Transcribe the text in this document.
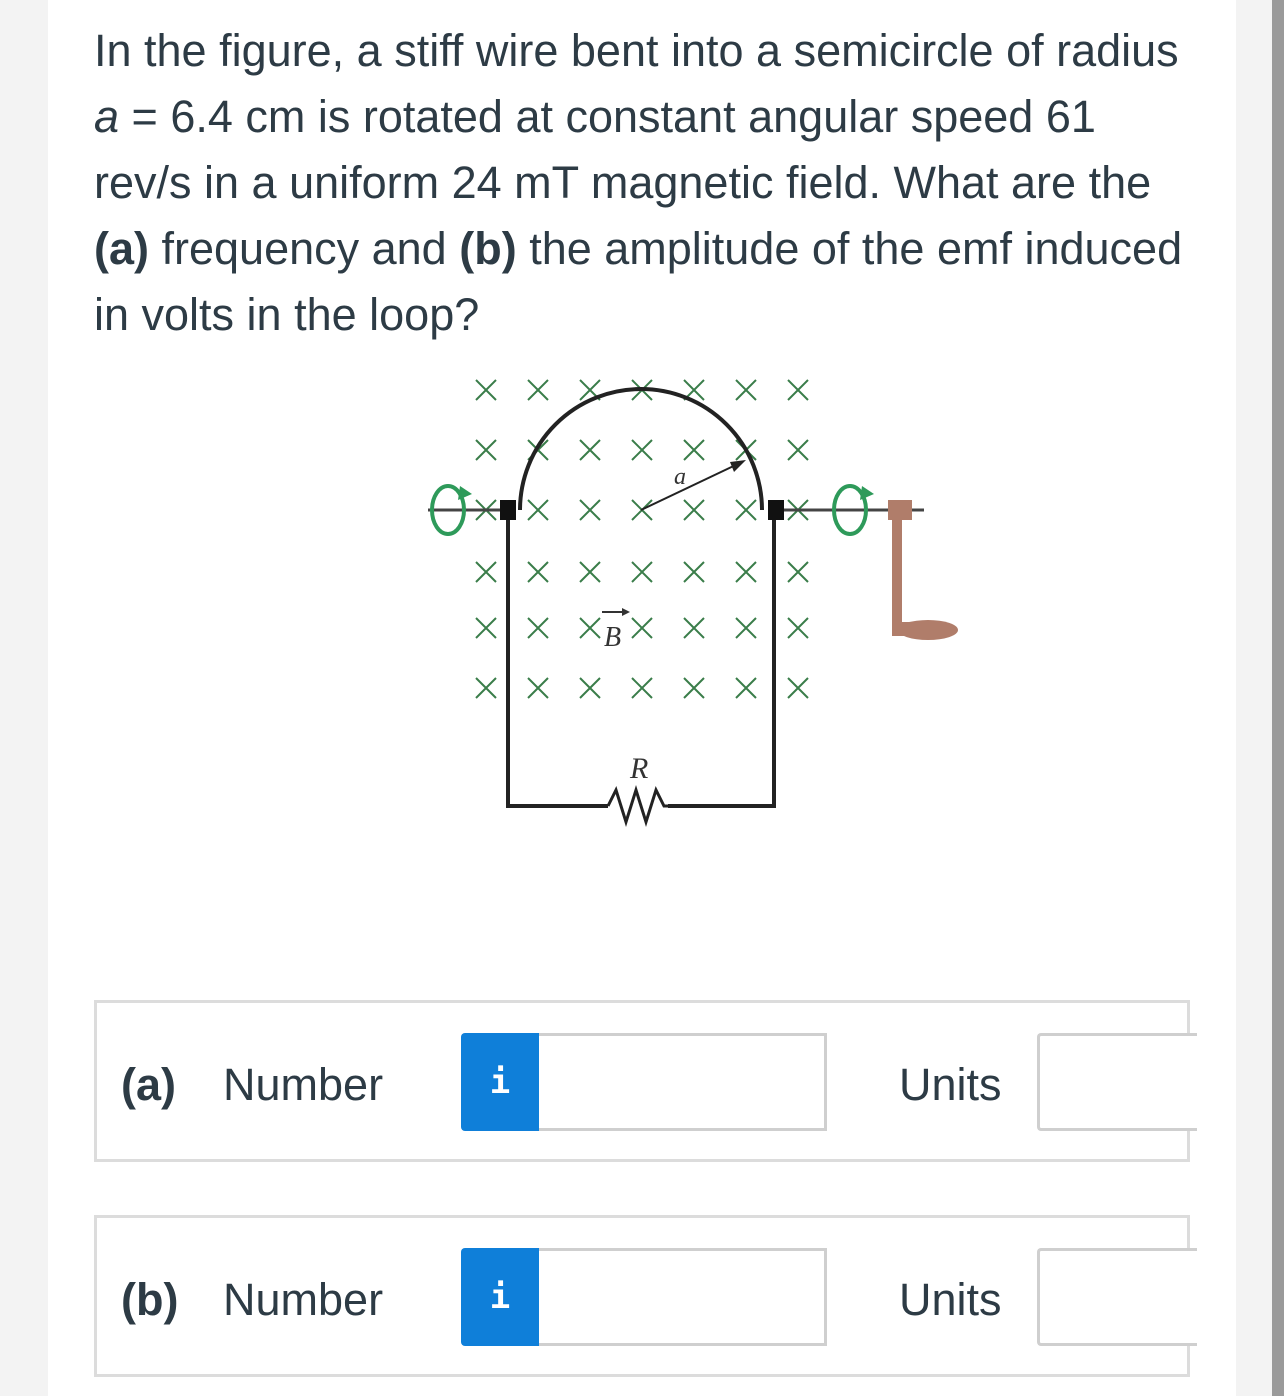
In the figure, a stiff wire bent into a semicircle of radius a = 6.4 cm is rotated at constant angular speed 61 rev/s in a uniform 24 mT magnetic field. What are the (a) frequency and (b) the amplitude of the emf induced in volts in the loop?
a
B
R
(a) Number	i	Units
(b) Number	i	Units
